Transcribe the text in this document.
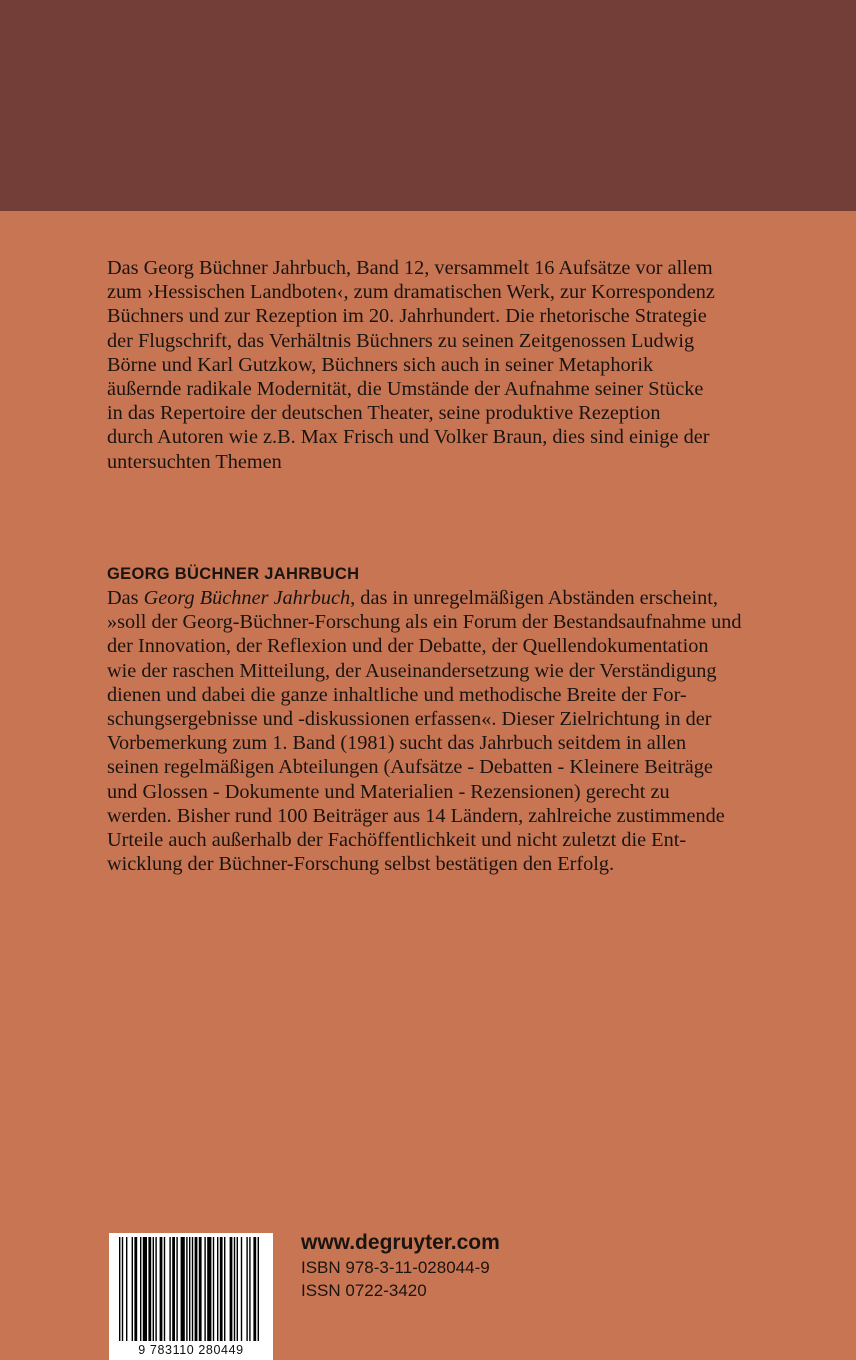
Das Georg Büchner Jahrbuch, Band 12, versammelt 16 Aufsätze vor allem
zum ›Hessischen Landboten‹, zum dramatischen Werk, zur Korrespondenz
Büchners und zur Rezeption im 20. Jahrhundert. Die rhetorische Strategie
der Flugschrift, das Verhältnis Büchners zu seinen Zeitgenossen Ludwig
Börne und Karl Gutzkow, Büchners sich auch in seiner Metaphorik
äußernde radikale Modernität, die Umstände der Aufnahme seiner Stücke
in das Repertoire der deutschen Theater, seine produktive Rezeption
durch Autoren wie z.B. Max Frisch und Volker Braun, dies sind einige der
untersuchten Themen
GEORG BÜCHNER JAHRBUCH
Das Georg Büchner Jahrbuch, das in unregelmäßigen Abständen erscheint,
»soll der Georg-Büchner-Forschung als ein Forum der Bestandsaufnahme und
der Innovation, der Reflexion und der Debatte, der Quellendokumentation
wie der raschen Mitteilung, der Auseinandersetzung wie der Verständigung
dienen und dabei die ganze inhaltliche und methodische Breite der For-
schungsergebnisse und -diskussionen erfassen«. Dieser Zielrichtung in der
Vorbemerkung zum 1. Band (1981) sucht das Jahrbuch seitdem in allen
seinen regelmäßigen Abteilungen (Aufsätze - Debatten - Kleinere Beiträge
und Glossen - Dokumente und Materialien - Rezensionen) gerecht zu
werden. Bisher rund 100 Beiträger aus 14 Ländern, zahlreiche zustimmende
Urteile auch außerhalb der Fachöffentlichkeit und nicht zuletzt die Ent-
wicklung der Büchner-Forschung selbst bestätigen den Erfolg.
9 783110 280449
www.degruyter.com
ISBN 978-3-11-028044-9
ISSN 0722-3420
